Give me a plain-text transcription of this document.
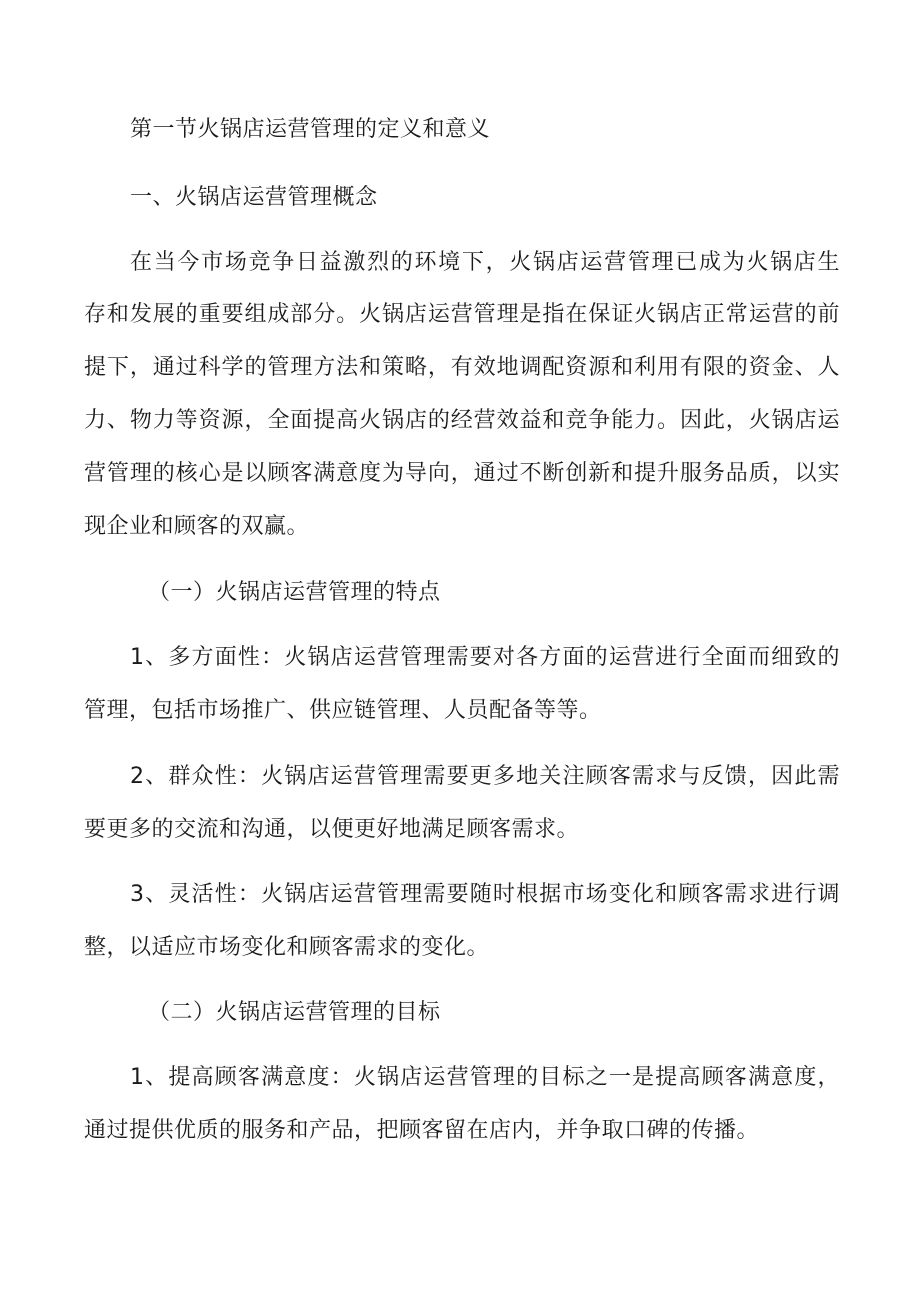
第一节火锅店运营管理的定义和意义
一、火锅店运营管理概念
在当今市场竞争日益激烈的环境下，火锅店运营管理已成为火锅店生
存和发展的重要组成部分。火锅店运营管理是指在保证火锅店正常运营的前
提下，通过科学的管理方法和策略，有效地调配资源和利用有限的资金、人
力、物力等资源，全面提高火锅店的经营效益和竞争能力。因此，火锅店运
营管理的核心是以顾客满意度为导向，通过不断创新和提升服务品质，以实
现企业和顾客的双赢。
（一）火锅店运营管理的特点
1、多方面性：火锅店运营管理需要对各方面的运营进行全面而细致的
管理，包括市场推广、供应链管理、人员配备等等。
2、群众性：火锅店运营管理需要更多地关注顾客需求与反馈，因此需
要更多的交流和沟通，以便更好地满足顾客需求。
3、灵活性：火锅店运营管理需要随时根据市场变化和顾客需求进行调
整，以适应市场变化和顾客需求的变化。
（二）火锅店运营管理的目标
1、提高顾客满意度：火锅店运营管理的目标之一是提高顾客满意度，
通过提供优质的服务和产品，把顾客留在店内，并争取口碑的传播。
